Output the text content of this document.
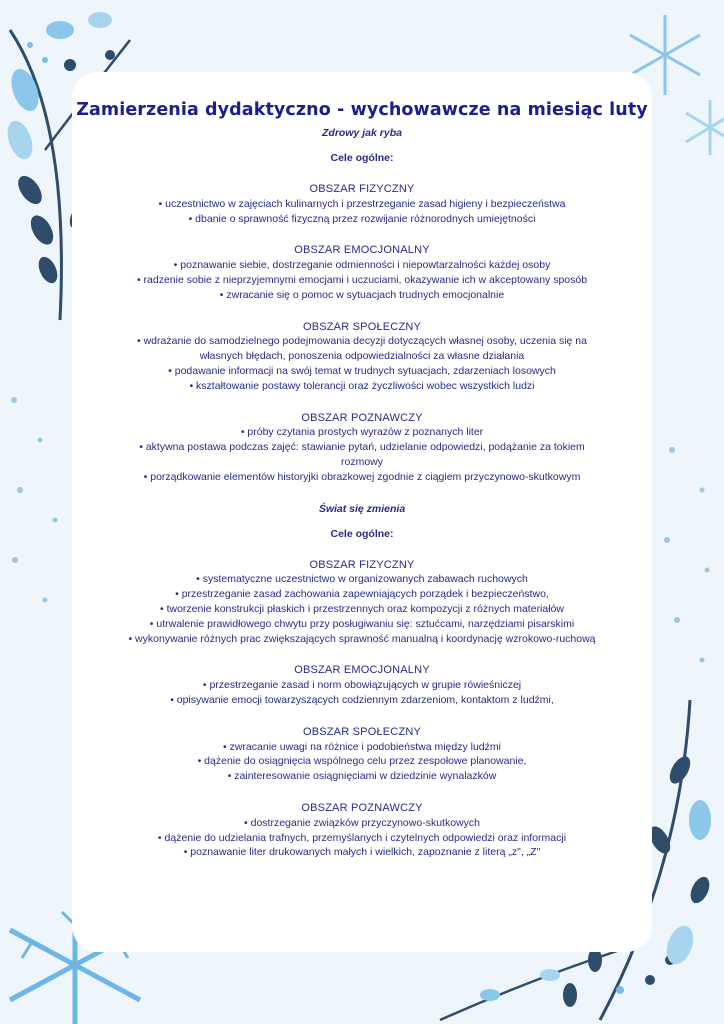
Zamierzenia dydaktyczno - wychowawcze na miesiąc luty
Zdrowy jak ryba
Cele ogólne:
OBSZAR FIZYCZNY
• uczestnictwo w zajęciach kulinarnych i przestrzeganie zasad higieny i bezpieczeństwa
• dbanie o sprawność fizyczną przez rozwijanie różnorodnych umiejętności
OBSZAR EMOCJONALNY
• poznawanie siebie, dostrzeganie odmienności i niepowtarzalności każdej osoby
• radzenie sobie z nieprzyjemnymi emocjami i uczuciami, okazywanie ich w akceptowany sposób
• zwracanie się o pomoc w sytuacjach trudnych emocjonalnie
OBSZAR SPOŁECZNY
• wdrażanie do samodzielnego podejmowania decyzji dotyczących własnej osoby, uczenia się na własnych błędach, ponoszenia odpowiedzialności za własne działania
• podawanie informacji na swój temat w trudnych sytuacjach, zdarzeniach losowych
• kształtowanie postawy tolerancji oraz życzliwości wobec wszystkich ludzi
OBSZAR POZNAWCZY
• próby czytania prostych wyrazów z poznanych liter
• aktywna postawa podczas zajęć: stawianie pytań, udzielanie odpowiedzi, podążanie za tokiem rozmowy
• porządkowanie elementów historyjki obrazkowej zgodnie z ciągiem przyczynowo-skutkowym
Świat się zmienia
Cele ogólne:
OBSZAR FIZYCZNY
• systematyczne uczestnictwo w organizowanych zabawach ruchowych
• przestrzeganie zasad zachowania zapewniających porządek i bezpieczeństwo,
• tworzenie konstrukcji płaskich i przestrzennych oraz kompozycji z różnych materiałów
• utrwalenie prawidłowego chwytu przy posługiwaniu się: sztućcami, narzędziami pisarskimi
• wykonywanie różnych prac zwiększających sprawność manualną i koordynację wzrokowo-ruchową
OBSZAR EMOCJONALNY
• przestrzeganie zasad i norm obowiązujących w grupie rówieśniczej
• opisywanie emocji towarzyszących codziennym zdarzeniom, kontaktom z ludźmi,
OBSZAR SPOŁECZNY
• zwracanie uwagi na różnice i podobieństwa między ludźmi
• dążenie do osiągnięcia wspólnego celu przez zespołowe planowanie,
• zainteresowanie osiągnięciami w dziedzinie wynalazków
OBSZAR POZNAWCZY
• dostrzeganie związków przyczynowo-skutkowych
• dążenie do udzielania trafnych, przemyślanych i czytelnych odpowiedzi oraz informacji
• poznawanie liter drukowanych małych i wielkich, zapoznanie z literą „z", „Z"
